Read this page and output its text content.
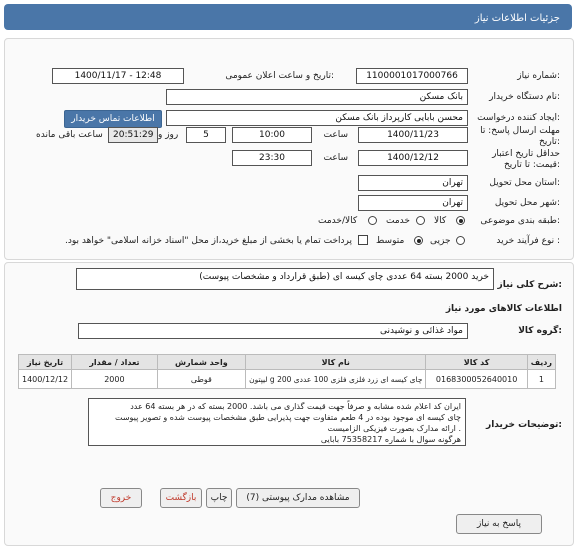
جزئیات اطلاعات نیاز
شماره نیاز:
1100001017000766
تاریخ و ساعت اعلان عمومی:
1400/11/17 - 12:48
نام دستگاه خریدار:
بانک مسکن
ایجاد کننده درخواست:
محسن بابایی کارپرداز بانک مسکن
اطلاعات تماس خریدار
مهلت ارسال پاسخ: تا تاریخ:
1400/11/23
ساعت
10:00
5
روز و
20:51:29
ساعت باقی مانده
حداقل تاریخ اعتبار قیمت: تا تاریخ:
1400/12/12
ساعت
23:30
استان محل تحویل:
تهران
شهر محل تحویل:
تهران
طبقه بندی موضوعی:
کالا
خدمت
کالا/خدمت
نوع فرآیند خرید :
جزیی
متوسط
پرداخت تمام یا بخشی از مبلغ خرید،از محل "اسناد خزانه اسلامی" خواهد بود.
شرح کلی نیاز:
خرید 2000 بسته 64 عددی چای کیسه ای (طبق قرارداد و مشخصات پیوست)
اطلاعات کالاهای مورد نیاز
گروه کالا:
مواد غذائی و نوشیدنی
ردیف	کد کالا	نام کالا	واحد شمارش	تعداد / مقدار	تاریخ نیاز
1	0168300052640010	چای کیسه ای زرد فلزی فلزی 100 عددی 200 g لیپتون	قوطی	2000	1400/12/12
توضیحات خریدار:
ایران کد اعلام شده مشابه و صرفاً جهت قیمت گذاری می باشد. 2000 بسته که در هر بسته 64 عدد
چای کیسه ای موجود بوده در 4 طعم متفاوت جهت پذیرایی طبق مشخصات پیوست شده و تصویر پیوست
. ارائه مدارک بصورت فیزیکی الزامیست
هرگونه سوال با شماره 75358217 بابایی
پاسخ به نیاز
مشاهده مدارک پیوستی (7)
چاپ
بازگشت
خروج
